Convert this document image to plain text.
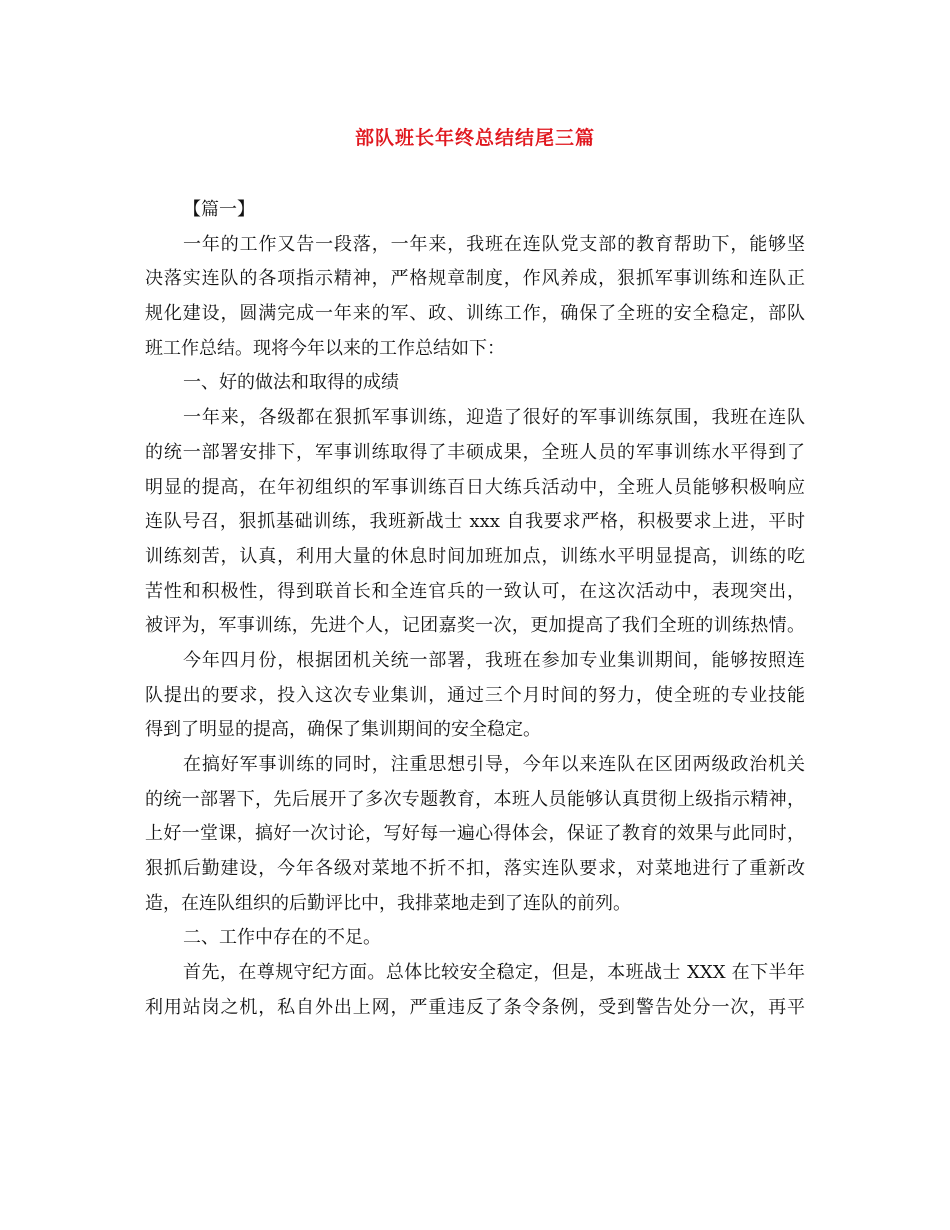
部队班长年终总结结尾三篇
【篇一】
一年的工作又告一段落，一年来，我班在连队党支部的教育帮助下，能够坚
决落实连队的各项指示精神，严格规章制度，作风养成，狠抓军事训练和连队正
规化建设，圆满完成一年来的军、政、训练工作，确保了全班的安全稳定，部队
班工作总结。现将今年以来的工作总结如下：
一、好的做法和取得的成绩
一年来，各级都在狠抓军事训练，迎造了很好的军事训练氛围，我班在连队
的统一部署安排下，军事训练取得了丰硕成果，全班人员的军事训练水平得到了
明显的提高，在年初组织的军事训练百日大练兵活动中，全班人员能够积极响应
连队号召，狠抓基础训练，我班新战士 xxx 自我要求严格，积极要求上进，平时
训练刻苦，认真，利用大量的休息时间加班加点，训练水平明显提高，训练的吃
苦性和积极性，得到联首长和全连官兵的一致认可，在这次活动中，表现突出，
被评为，军事训练，先进个人，记团嘉奖一次，更加提高了我们全班的训练热情。
今年四月份，根据团机关统一部署，我班在参加专业集训期间，能够按照连
队提出的要求，投入这次专业集训，通过三个月时间的努力，使全班的专业技能
得到了明显的提高，确保了集训期间的安全稳定。
在搞好军事训练的同时，注重思想引导，今年以来连队在区团两级政治机关
的统一部署下，先后展开了多次专题教育，本班人员能够认真贯彻上级指示精神，
上好一堂课，搞好一次讨论，写好每一遍心得体会，保证了教育的效果与此同时，
狠抓后勤建设，今年各级对菜地不折不扣，落实连队要求，对菜地进行了重新改
造，在连队组织的后勤评比中，我排菜地走到了连队的前列。
二、工作中存在的不足。
首先，在尊规守纪方面。总体比较安全稳定，但是，本班战士 XXX 在下半年
利用站岗之机，私自外出上网，严重违反了条令条例，受到警告处分一次，再平
